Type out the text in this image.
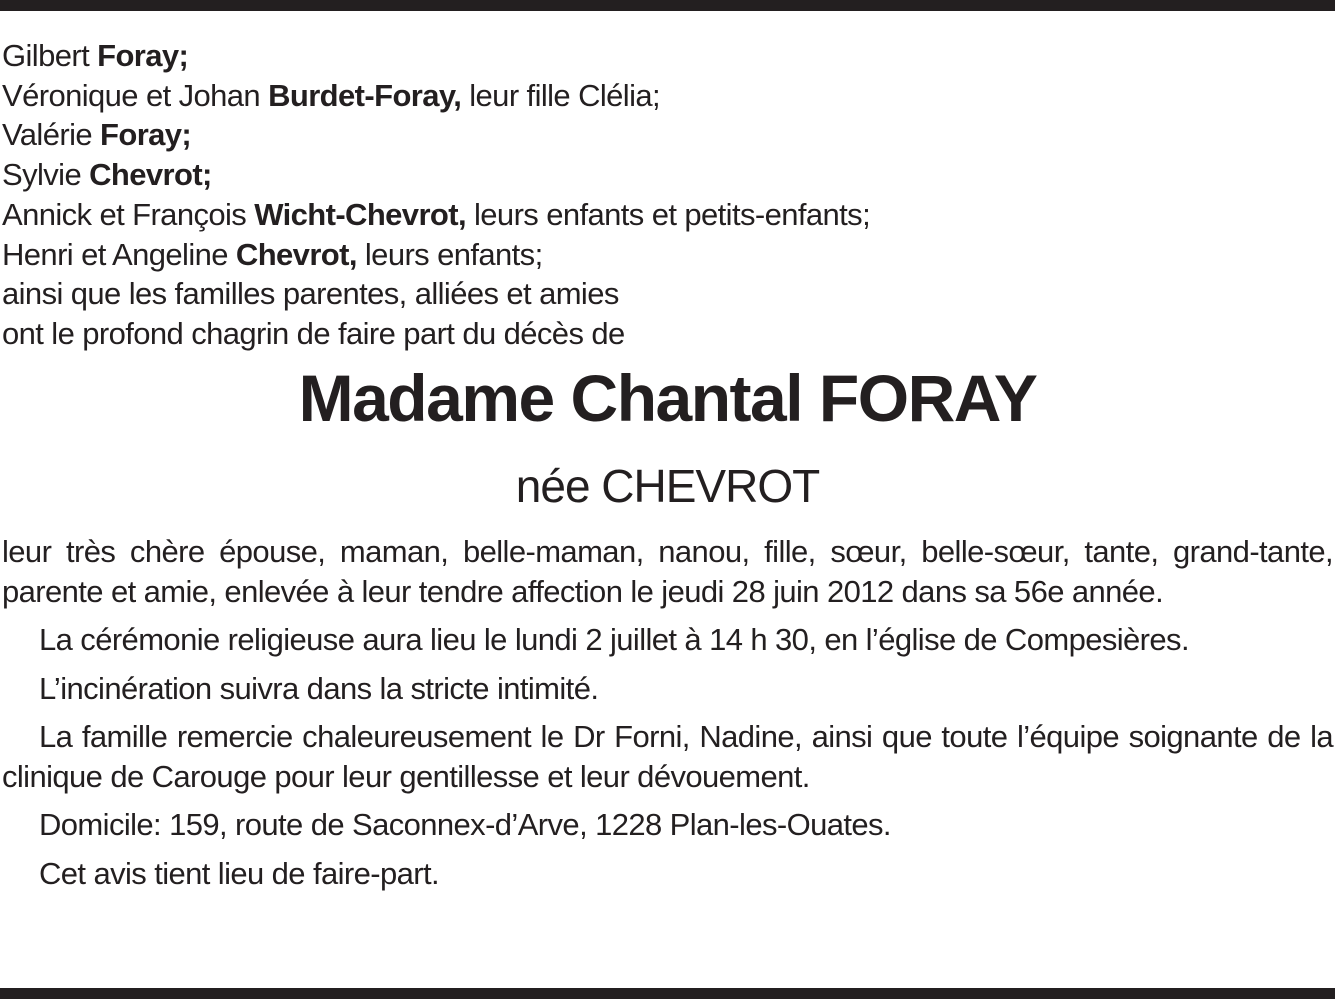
Gilbert Foray;
Véronique et Johan Burdet-Foray, leur fille Clélia;
Valérie Foray;
Sylvie Chevrot;
Annick et François Wicht-Chevrot, leurs enfants et petits-enfants;
Henri et Angeline Chevrot, leurs enfants;
ainsi que les familles parentes, alliées et amies
ont le profond chagrin de faire part du décès de
Madame Chantal FORAY
née CHEVROT

leur très chère épouse, maman, belle-maman, nanou, fille, sœur, belle-sœur, tante, grand-tante, parente et amie, enlevée à leur tendre affection le jeudi 28 juin 2012 dans sa 56e année.

La cérémonie religieuse aura lieu le lundi 2 juillet à 14 h 30, en l’église de Compesières.

L’incinération suivra dans la stricte intimité.

La famille remercie chaleureusement le Dr Forni, Nadine, ainsi que toute l’équipe soignante de la clinique de Carouge pour leur gentillesse et leur dévouement.

Domicile: 159, route de Saconnex-d’Arve, 1228 Plan-les-Ouates.

Cet avis tient lieu de faire-part.
